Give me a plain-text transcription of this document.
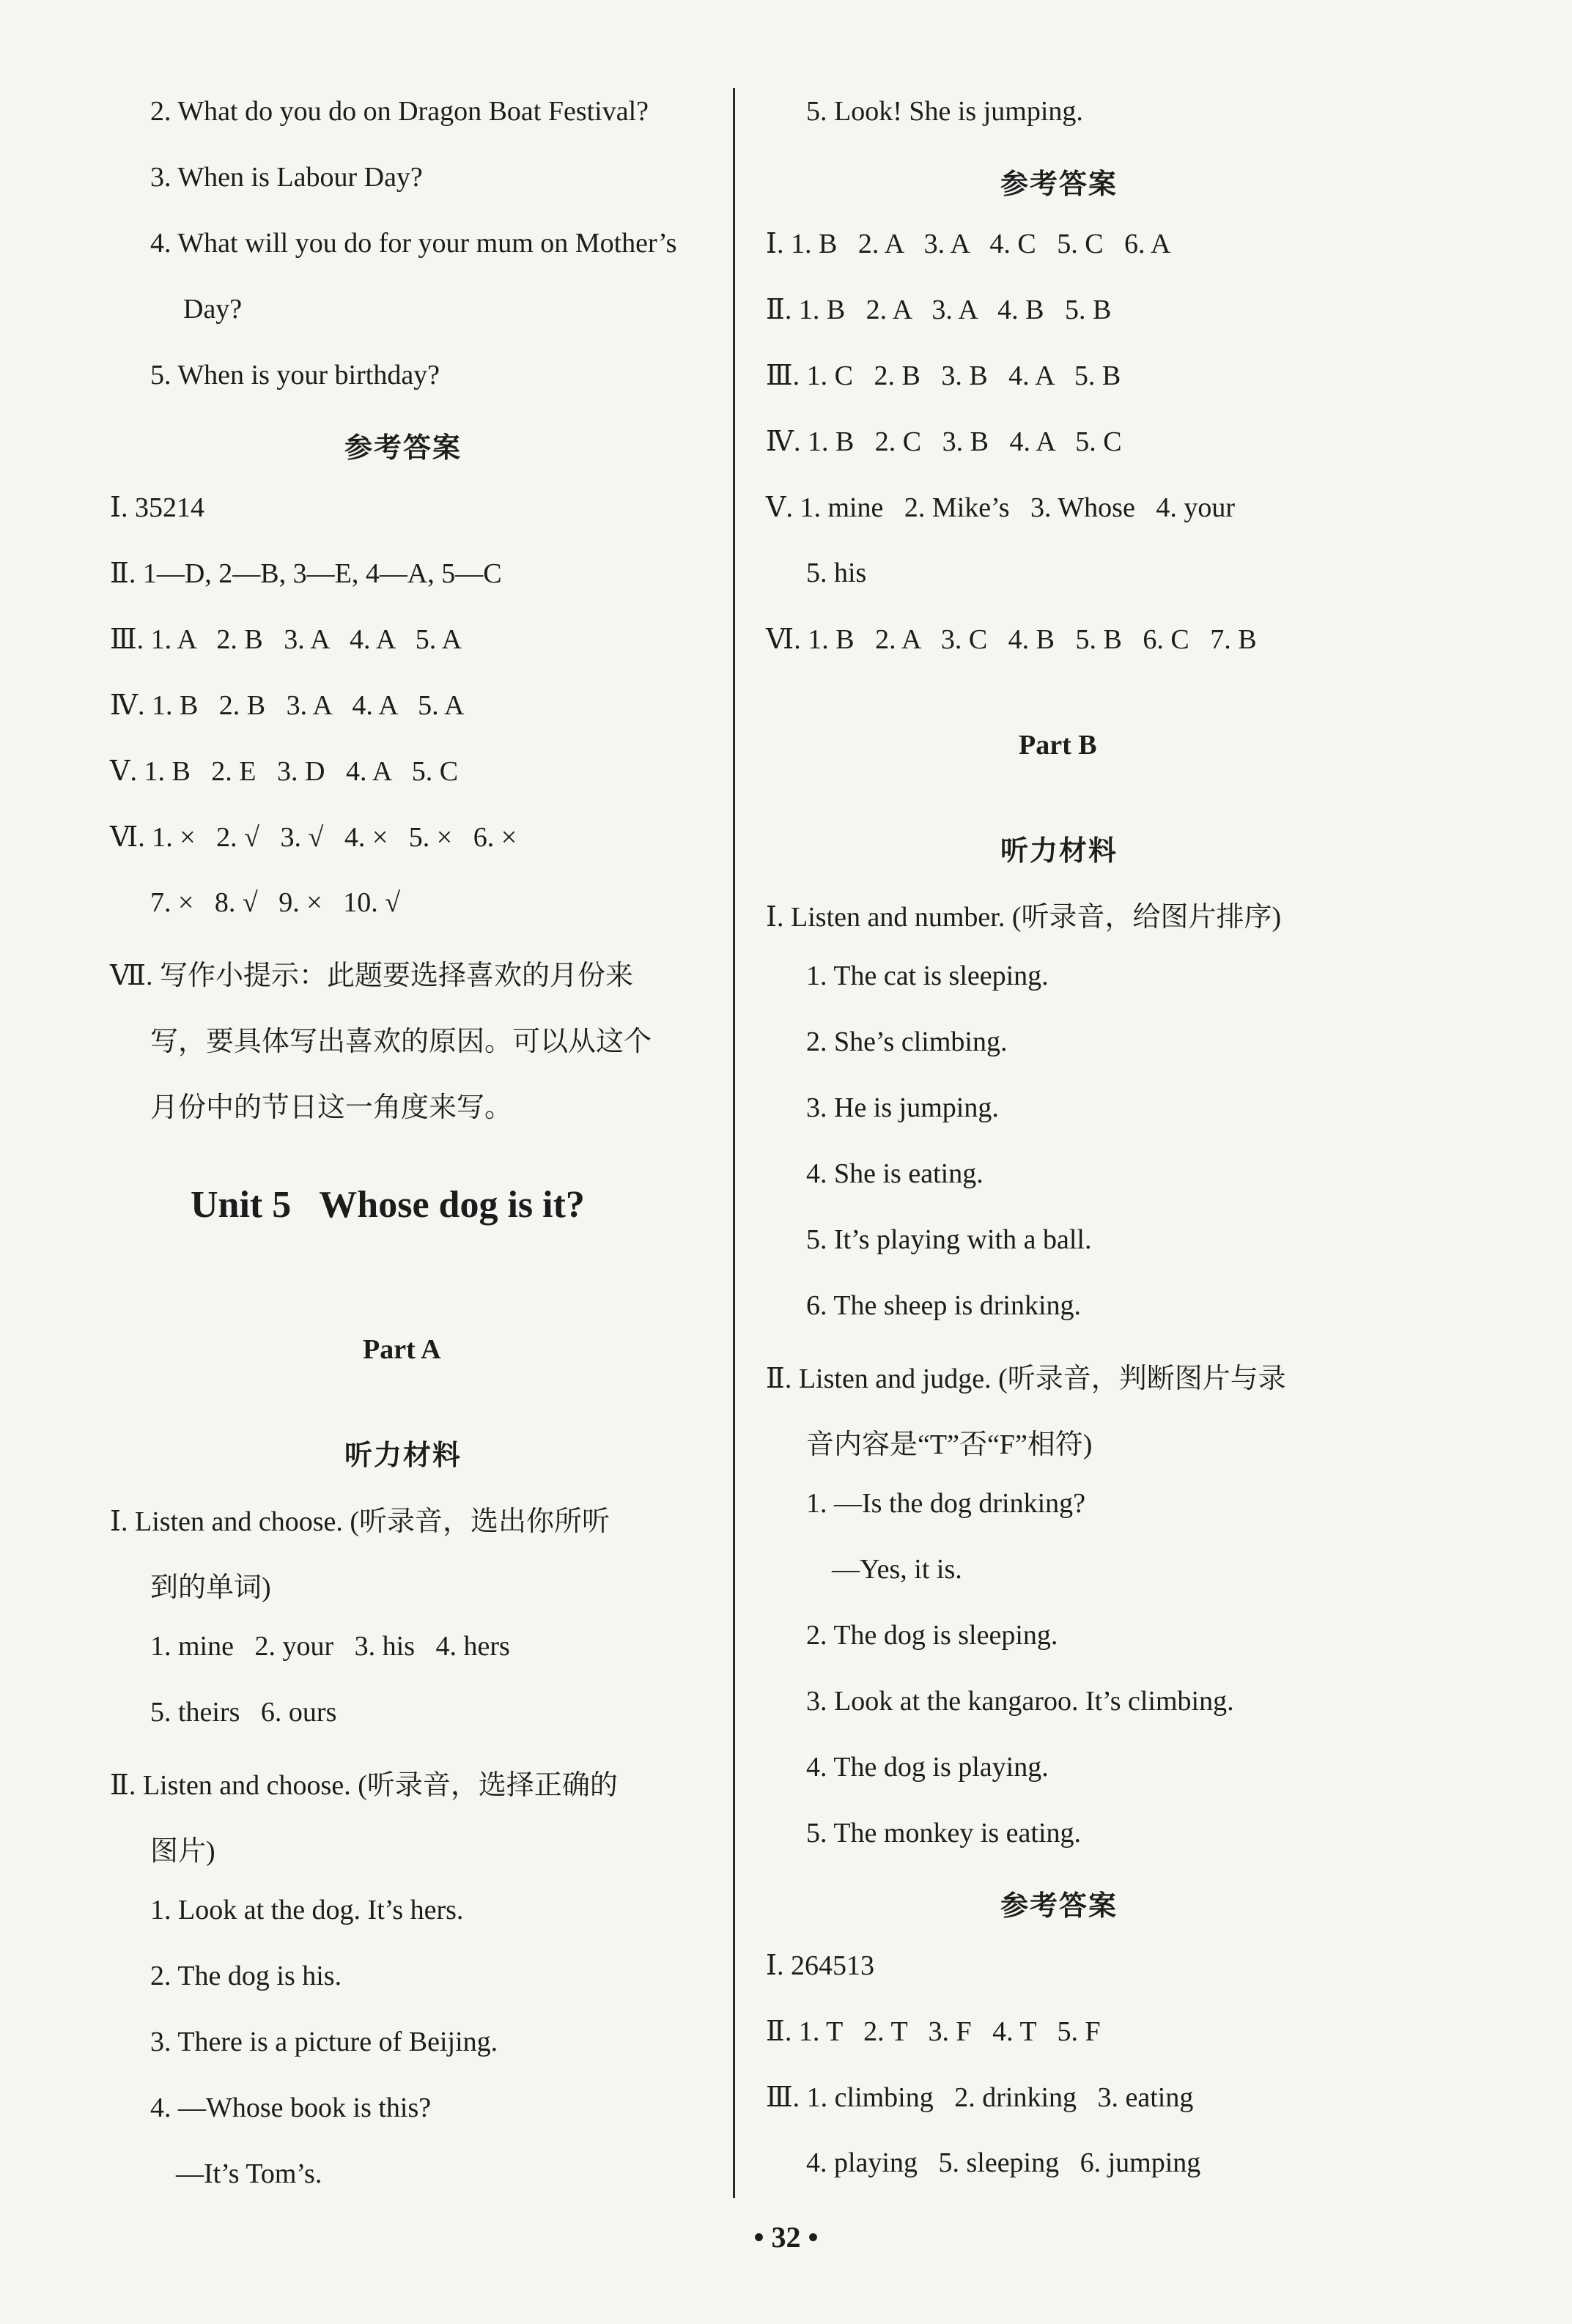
2. What do you do on Dragon Boat Festival?
3. When is Labour Day?
4. What will you do for your mum on Mother’s
Day?
5. When is your birthday?
参考答案
Ⅰ. 35214
Ⅱ. 1—D, 2—B, 3—E, 4—A, 5—C
Ⅲ. 1. A   2. B   3. A   4. A   5. A
Ⅳ. 1. B   2. B   3. A   4. A   5. A
Ⅴ. 1. B   2. E   3. D   4. A   5. C
Ⅵ. 1. ×   2. √   3. √   4. ×   5. ×   6. ×
7. ×   8. √   9. ×   10. √
Ⅶ. 写作小提示：此题要选择喜欢的月份来
写，要具体写出喜欢的原因。可以从这个
月份中的节日这一角度来写。
Unit 5   Whose dog is it?
Part A
听力材料
Ⅰ. Listen and choose. (听录音，选出你所听
到的单词)
1. mine   2. your   3. his   4. hers
5. theirs   6. ours
Ⅱ. Listen and choose. (听录音，选择正确的
图片)
1. Look at the dog. It’s hers.
2. The dog is his.
3. There is a picture of Beijing.
4. —Whose book is this?
—It’s Tom’s.
5. Look! She is jumping.
参考答案
Ⅰ. 1. B   2. A   3. A   4. C   5. C   6. A
Ⅱ. 1. B   2. A   3. A   4. B   5. B
Ⅲ. 1. C   2. B   3. B   4. A   5. B
Ⅳ. 1. B   2. C   3. B   4. A   5. C
Ⅴ. 1. mine   2. Mike’s   3. Whose   4. your
5. his
Ⅵ. 1. B   2. A   3. C   4. B   5. B   6. C   7. B
Part B
听力材料
Ⅰ. Listen and number. (听录音，给图片排序)
1. The cat is sleeping.
2. She’s climbing.
3. He is jumping.
4. She is eating.
5. It’s playing with a ball.
6. The sheep is drinking.
Ⅱ. Listen and judge. (听录音，判断图片与录
音内容是“T”否“F”相符)
1. —Is the dog drinking?
—Yes, it is.
2. The dog is sleeping.
3. Look at the kangaroo. It’s climbing.
4. The dog is playing.
5. The monkey is eating.
参考答案
Ⅰ. 264513
Ⅱ. 1. T   2. T   3. F   4. T   5. F
Ⅲ. 1. climbing   2. drinking   3. eating
4. playing   5. sleeping   6. jumping
• 32 •
